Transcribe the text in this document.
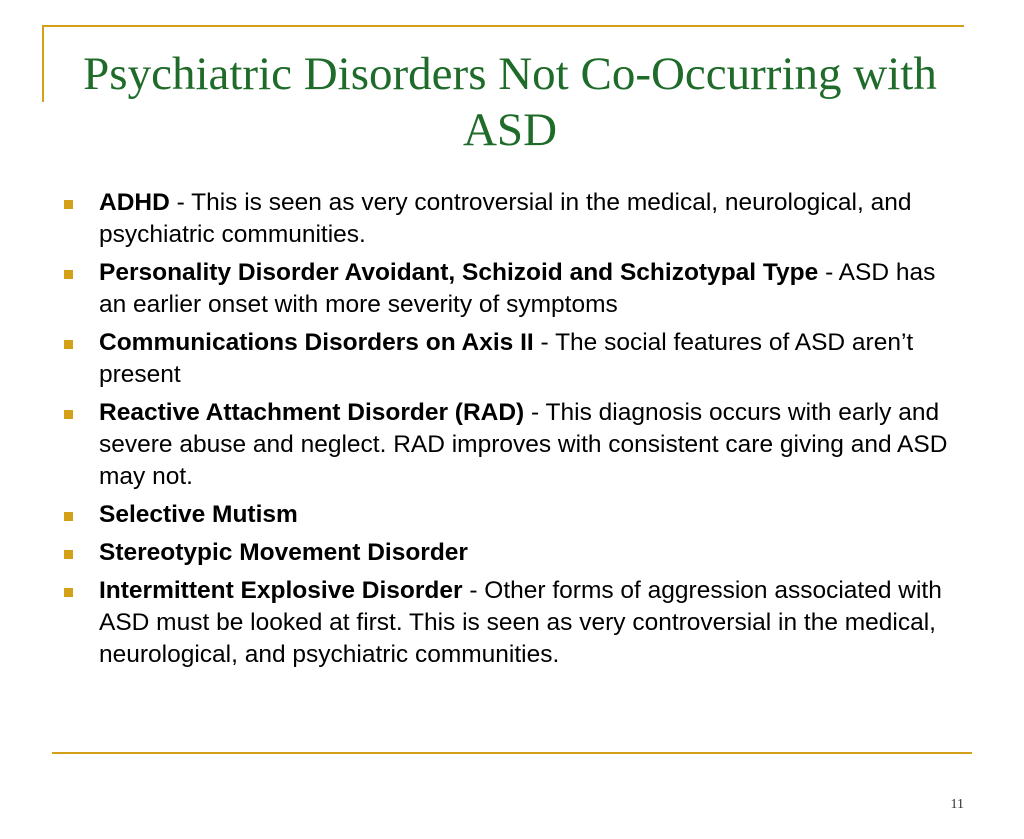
Psychiatric Disorders Not Co-Occurring with ASD
ADHD - This is seen as very controversial in the medical, neurological, and psychiatric communities.
Personality Disorder Avoidant, Schizoid and Schizotypal Type - ASD has an earlier onset with more severity of symptoms
Communications Disorders on Axis II - The social features of ASD aren’t present
Reactive Attachment Disorder (RAD) - This diagnosis occurs with early and severe abuse and neglect. RAD improves with consistent care giving and ASD may not.
Selective Mutism
Stereotypic Movement Disorder
Intermittent Explosive Disorder - Other forms of aggression associated with ASD must be looked at first. This is seen as very controversial in the medical, neurological, and psychiatric communities.
11
